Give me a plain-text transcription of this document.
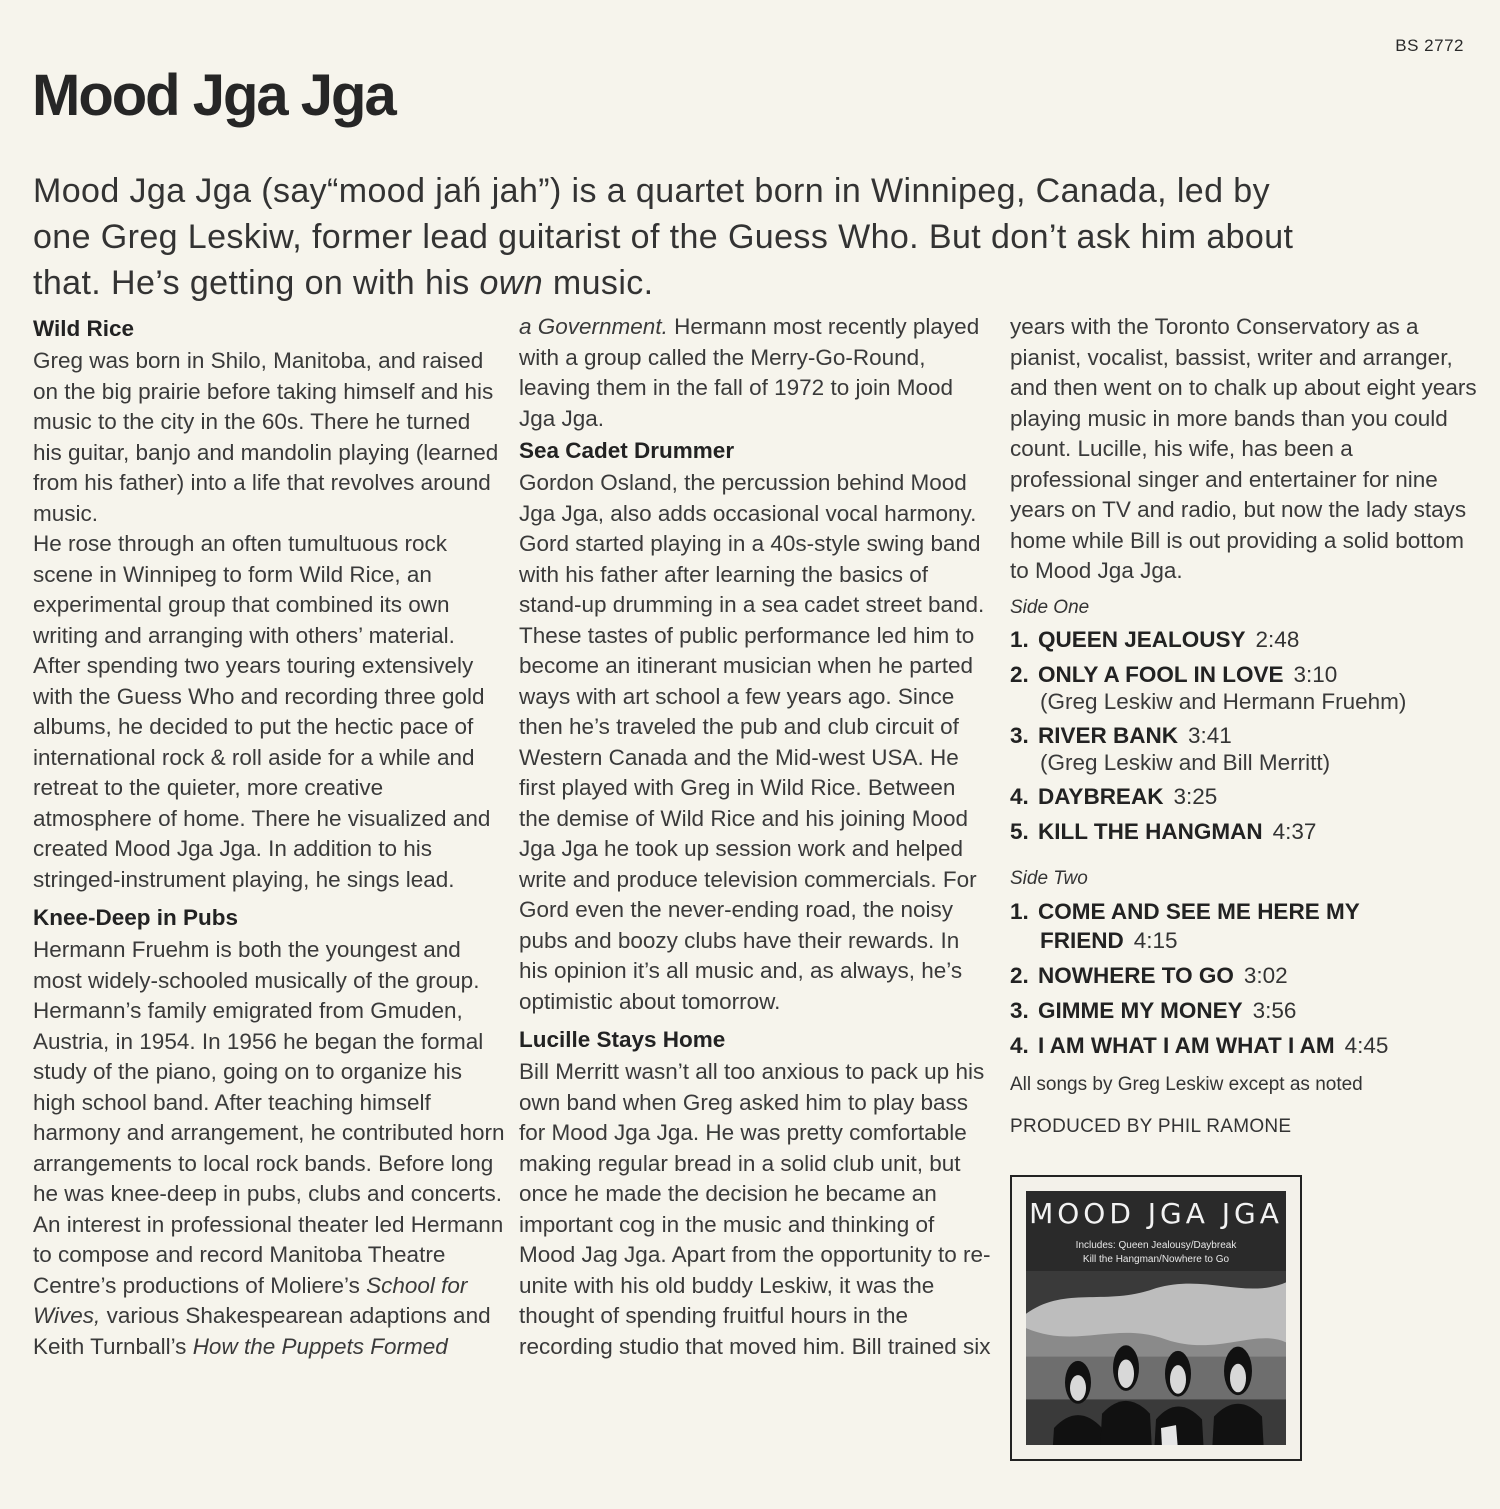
BS 2772
Mood Jga Jga
Mood Jga Jga (say“mood jah́ jah”) is a quartet born in Winnipeg, Canada, led by one Greg Leskiw, former lead guitarist of the Guess Who. But don’t ask him about that. He’s getting on with his own music.
Wild Rice

Greg was born in Shilo, Manitoba, and raised on the big prairie before taking himself and his music to the city in the 60s. There he turned his guitar, banjo and mandolin playing (learned from his father) into a life that revolves around music.

He rose through an often tumultuous rock scene in Winnipeg to form Wild Rice, an experimental group that combined its own writing and arranging with others’ material. After spending two years touring extensively with the Guess Who and recording three gold albums, he decided to put the hectic pace of international rock & roll aside for a while and retreat to the quieter, more creative atmosphere of home. There he visualized and created Mood Jga Jga. In addition to his stringed-instrument playing, he sings lead.

Knee-Deep in Pubs

Hermann Fruehm is both the youngest and most widely-schooled musically of the group. Hermann’s family emigrated from Gmuden, Austria, in 1954. In 1956 he began the formal study of the piano, going on to organize his high school band. After teaching himself harmony and arrangement, he contributed horn arrangements to local rock bands. Before long he was knee-deep in pubs, clubs and concerts. An interest in professional theater led Hermann to compose and record Manitoba Theatre Centre’s productions of Moliere’s School for Wives, various Shakespearean adaptions and Keith Turnball’s How the Puppets Formed

a Government. Hermann most recently played with a group called the Merry-Go-Round, leaving them in the fall of 1972 to join Mood Jga Jga.

Sea Cadet Drummer

Gordon Osland, the percussion behind Mood Jga Jga, also adds occasional vocal harmony. Gord started playing in a 40s-style swing band with his father after learning the basics of stand-up drumming in a sea cadet street band. These tastes of public performance led him to become an itinerant musician when he parted ways with art school a few years ago. Since then he’s traveled the pub and club circuit of Western Canada and the Mid-west USA. He first played with Greg in Wild Rice. Between the demise of Wild Rice and his joining Mood Jga Jga he took up session work and helped write and produce television commercials. For Gord even the never-ending road, the noisy pubs and boozy clubs have their rewards. In his opinion it’s all music and, as always, he’s optimistic about tomorrow.

Lucille Stays Home

Bill Merritt wasn’t all too anxious to pack up his own band when Greg asked him to play bass for Mood Jga Jga. He was pretty comfortable making regular bread in a solid club unit, but once he made the decision he became an important cog in the music and thinking of Mood Jag Jga. Apart from the opportunity to re-unite with his old buddy Leskiw, it was the thought of spending fruitful hours in the recording studio that moved him. Bill trained six

years with the Toronto Conservatory as a pianist, vocalist, bassist, writer and arranger, and then went on to chalk up about eight years playing music in more bands than you could count. Lucille, his wife, has been a professional singer and entertainer for nine years on TV and radio, but now the lady stays home while Bill is out providing a solid bottom to Mood Jga Jga.

Side One
1. QUEEN JEALOUSY 2:48
2. ONLY A FOOL IN LOVE 3:10
(Greg Leskiw and Hermann Fruehm)
3. RIVER BANK 3:41
(Greg Leskiw and Bill Merritt)
4. DAYBREAK 3:25
5. KILL THE HANGMAN 4:37
Side Two
1. COME AND SEE ME HERE MY
FRIEND 4:15
2. NOWHERE TO GO 3:02
3. GIMME MY MONEY 3:56
4. I AM WHAT I AM WHAT I AM 4:45
All songs by Greg Leskiw except as noted
PRODUCED BY PHIL RAMONE
MOOD JGA JGA
Includes: Queen Jealousy/Daybreak
Kill the Hangman/Nowhere to Go
